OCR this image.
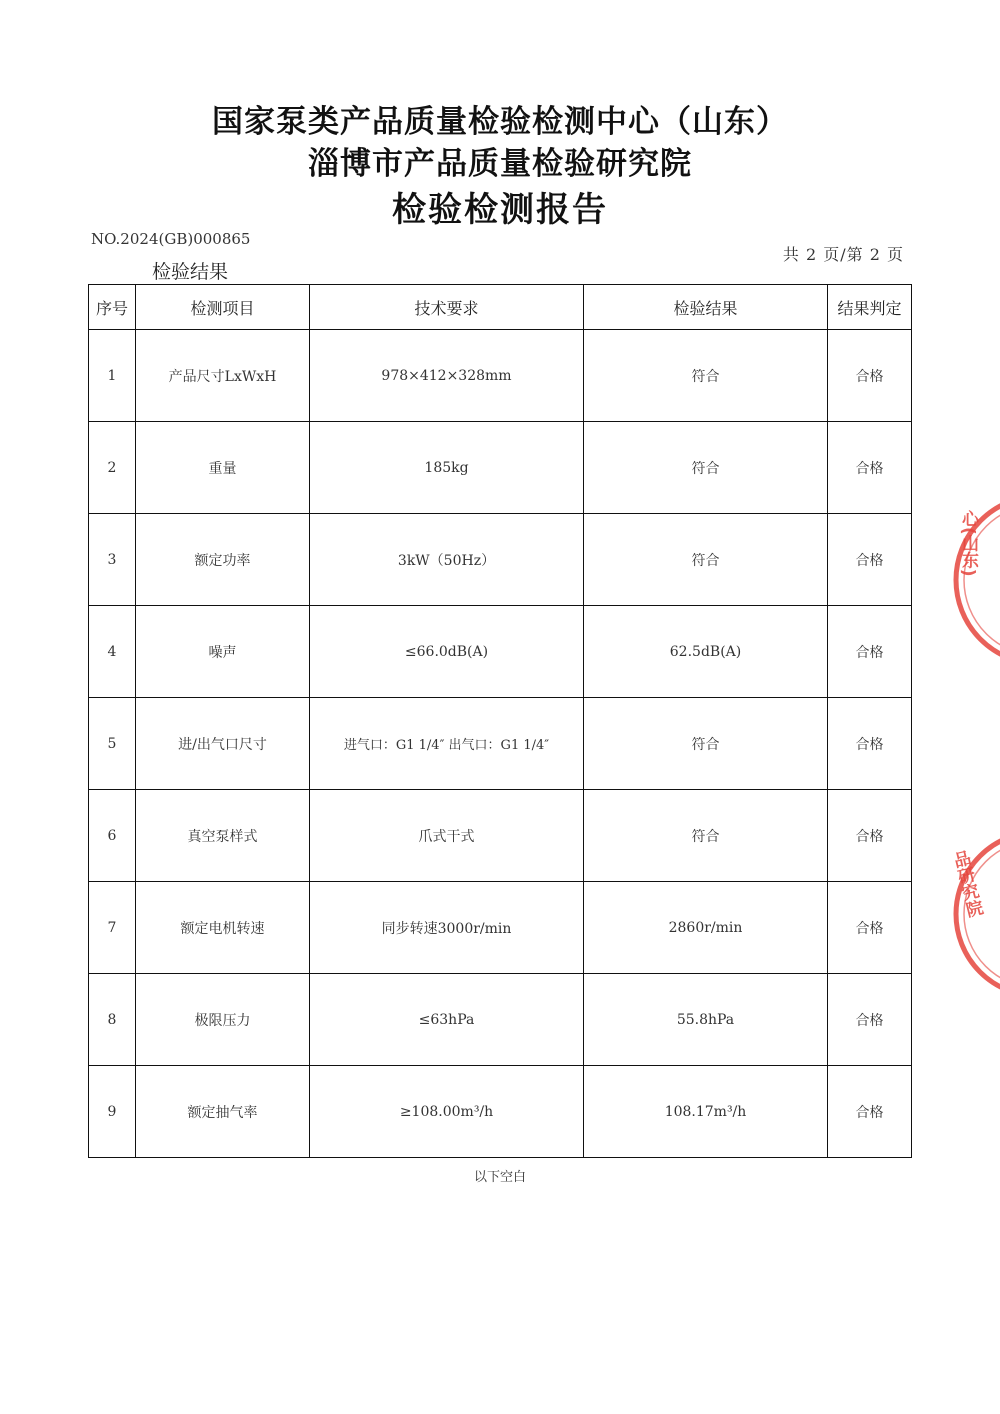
国家泵类产品质量检验检测中心（山东）
淄博市产品质量检验研究院
检验检测报告
NO.2024(GB)000865
共 2 页/第 2 页
检验结果
序号	检测项目	技术要求	检验结果	结果判定
1	产品尺寸LxWxH	978×412×328mm	符合	合格
2	重量	185kg	符合	合格
3	额定功率	3kW（50Hz）	符合	合格
4	噪声	≤66.0dB(A)	62.5dB(A)	合格
5	进/出气口尺寸	进气口：G1 1/4″ 出气口：G1 1/4″	符合	合格
6	真空泵样式	爪式干式	符合	合格
7	额定电机转速	同步转速3000r/min	2860r/min	合格
8	极限压力	≤63hPa	55.8hPa	合格
9	额定抽气率	≥108.00m³/h	108.17m³/h	合格
以下空白
心(山东)
品研究院
